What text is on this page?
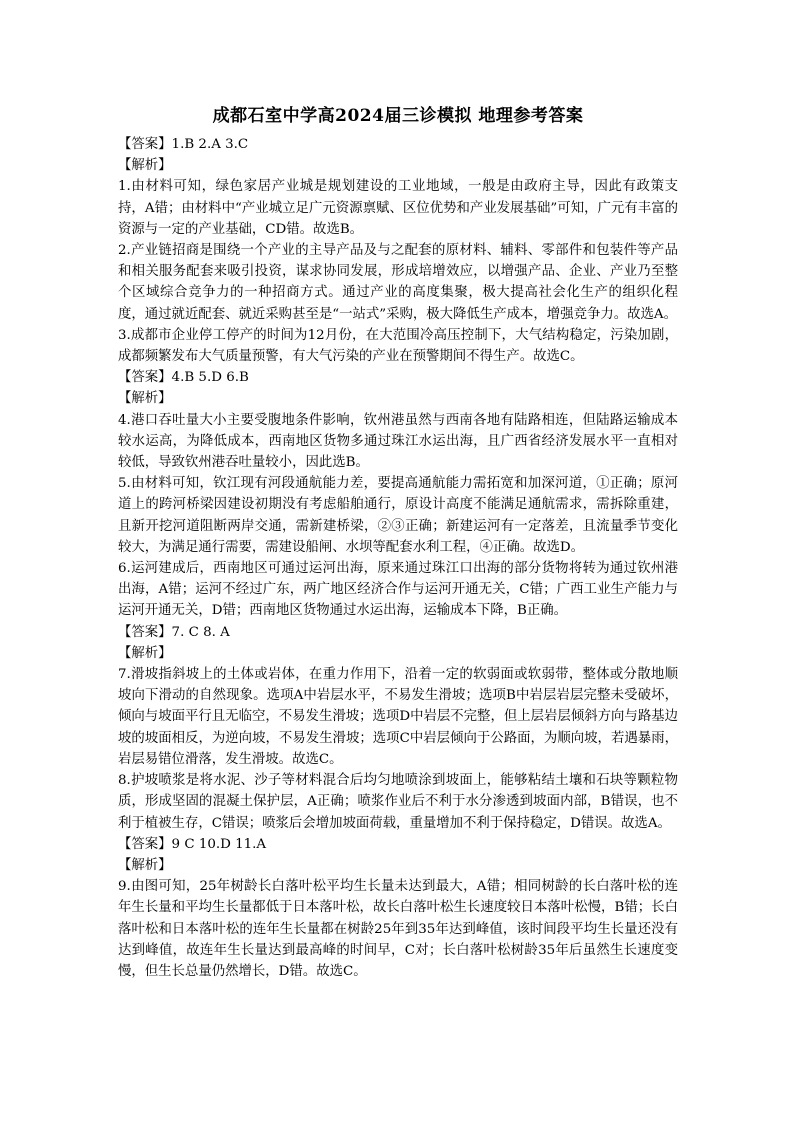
成都石室中学高2024届三诊模拟 地理参考答案

【答案】1.B 2.A 3.C

【解析】

1.由材料可知，绿色家居产业城是规划建设的工业地域，一般是由政府主导，因此有政策支持，A错；由材料中“产业城立足广元资源禀赋、区位优势和产业发展基础”可知，广元有丰富的资源与一定的产业基础，CD错。故选B。

2.产业链招商是围绕一个产业的主导产品及与之配套的原材料、辅料、零部件和包装件等产品和相关服务配套来吸引投资，谋求协同发展，形成培增效应，以增强产品、企业、产业乃至整个区域综合竞争力的一种招商方式。通过产业的高度集聚，极大提高社会化生产的组织化程度，通过就近配套、就近采购甚至是“一站式”采购，极大降低生产成本，增强竞争力。故选A。

3.成都市企业停工停产的时间为12月份，在大范围冷高压控制下，大气结构稳定，污染加剧，成都频繁发布大气质量预警，有大气污染的产业在预警期间不得生产。故选C。

【答案】4.B 5.D 6.B

【解析】

4.港口吞吐量大小主要受腹地条件影响，钦州港虽然与西南各地有陆路相连，但陆路运输成本较水运高，为降低成本，西南地区货物多通过珠江水运出海，且广西省经济发展水平一直相对较低，导致钦州港吞吐量较小，因此选B。

5.由材料可知，钦江现有河段通航能力差，要提高通航能力需拓宽和加深河道，①正确；原河道上的跨河桥梁因建设初期没有考虑船舶通行，原设计高度不能满足通航需求，需拆除重建，且新开挖河道阻断两岸交通，需新建桥梁，②③正确；新建运河有一定落差，且流量季节变化较大，为满足通行需要，需建设船闸、水坝等配套水利工程，④正确。故选D。

6.运河建成后，西南地区可通过运河出海，原来通过珠江口出海的部分货物将转为通过钦州港出海，A错；运河不经过广东，两广地区经济合作与运河开通无关，C错；广西工业生产能力与运河开通无关，D错；西南地区货物通过水运出海，运输成本下降，B正确。

【答案】7. C 8. A

【解析】

7.滑坡指斜坡上的土体或岩体，在重力作用下，沿着一定的软弱面或软弱带，整体或分散地顺坡向下滑动的自然现象。选项A中岩层水平，不易发生滑坡；选项B中岩层岩层完整未受破坏，倾向与坡面平行且无临空，不易发生滑坡；选项D中岩层不完整，但上层岩层倾斜方向与路基边坡的坡面相反，为逆向坡，不易发生滑坡；选项C中岩层倾向于公路面，为顺向坡，若遇暴雨，岩层易错位滑落，发生滑坡。故选C。

8.护坡喷浆是将水泥、沙子等材料混合后均匀地喷涂到坡面上，能够粘结土壤和石块等颗粒物质，形成坚固的混凝土保护层，A正确；喷浆作业后不利于水分渗透到坡面内部，B错误，也不利于植被生存，C错误；喷浆后会增加坡面荷载，重量增加不利于保持稳定，D错误。故选A。

【答案】9 C 10.D 11.A

【解析】

9.由图可知，25年树龄长白落叶松平均生长量未达到最大，A错；相同树龄的长白落叶松的连年生长量和平均生长量都低于日本落叶松，故长白落叶松生长速度较日本落叶松慢，B错；长白落叶松和日本落叶松的连年生长量都在树龄25年到35年达到峰值，该时间段平均生长量还没有达到峰值，故连年生长量达到最高峰的时间早，C对；长白落叶松树龄35年后虽然生长速度变慢，但生长总量仍然增长，D错。故选C。
